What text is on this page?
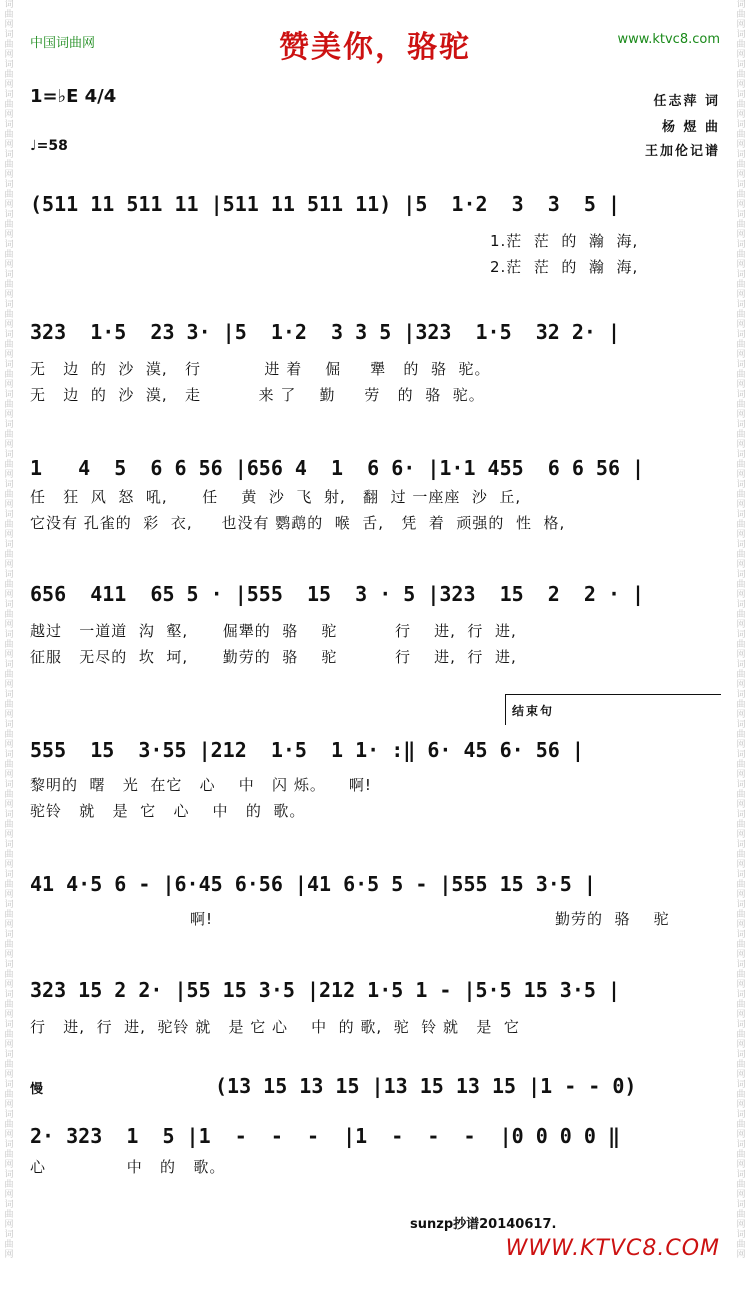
词曲网词曲网词曲网词曲网词曲网词曲网词曲网词曲网词曲网词曲网词曲网词曲网词曲网词曲网词曲网词曲网词曲网词曲网词曲网词曲网词曲网词曲网词曲网词曲网词曲网词曲网词曲网词曲网词曲网词曲网词曲网词曲网词曲网词曲网词曲网词曲网词曲网词曲网词曲网词曲网词曲网词曲网
词曲网词曲网词曲网词曲网词曲网词曲网词曲网词曲网词曲网词曲网词曲网词曲网词曲网词曲网词曲网词曲网词曲网词曲网词曲网词曲网词曲网词曲网词曲网词曲网词曲网词曲网词曲网词曲网词曲网词曲网词曲网词曲网词曲网词曲网词曲网词曲网词曲网词曲网词曲网词曲网词曲网词曲网
中国词曲网	赞美你，骆驼	www.ktvc8.com
1=♭E 4/4
♩=58
任志萍 词
杨 煜 曲
王加伦记谱
(511 11 511 11 |511 11 511 11) |5  1·2  3  3  5 |
1.茫  茫  的  瀚  海,
2.茫  茫  的  瀚  海,
323  1·5  23 3· |5  1·2  3 3 5 |323  1·5  32 2· |
无   边  的  沙  漠,   行           进 着    倔     犟   的  骆  驼。
无   边  的  沙  漠,   走          来 了    勤     劳   的  骆  驼。
1   4  5  6 6 56 |656 4  1  6 6· |1·1 455  6 6 56 |
任   狂  风  怒  吼,      任    黄  沙  飞  射,   翻  过 一座座  沙  丘,
它没有 孔雀的  彩  衣,     也没有 鹦鹉的  喉  舌,   凭  着  顽强的  性  格,
656  411  65 5 · |555  15  3 · 5 |323  15  2  2 · |
越过   一道道  沟  壑,      倔犟的  骆    驼          行    进,  行  进,
征服   无尽的  坎  坷,      勤劳的  骆    驼          行    进,  行  进,
结束句
555  15  3·55 |212  1·5  1 1· :‖ 6· 45 6· 56 |
黎明的  曙   光  在它   心    中   闪 烁。    啊!
驼铃   就   是  它   心    中   的  歌。
41 4·5 6 - |6·45 6·56 |41 6·5 5 - |555 15 3·5 |
啊!	勤劳的  骆    驼
323 15 2 2· |55 15 3·5 |212 1·5 1 - |5·5 15 3·5 |
行   进,  行  进,  驼铃 就   是 它 心    中  的 歌,  驼  铃 就   是  它
慢	(13 15 13 15 |13 15 13 15 |1 - - 0)
2· 323  1  5 |1  -  -  -  |1  -  -  -  |0 0 0 0 ‖
心              中   的   歌。
sunzp抄谱20140617.
WWW.KTVC8.COM
